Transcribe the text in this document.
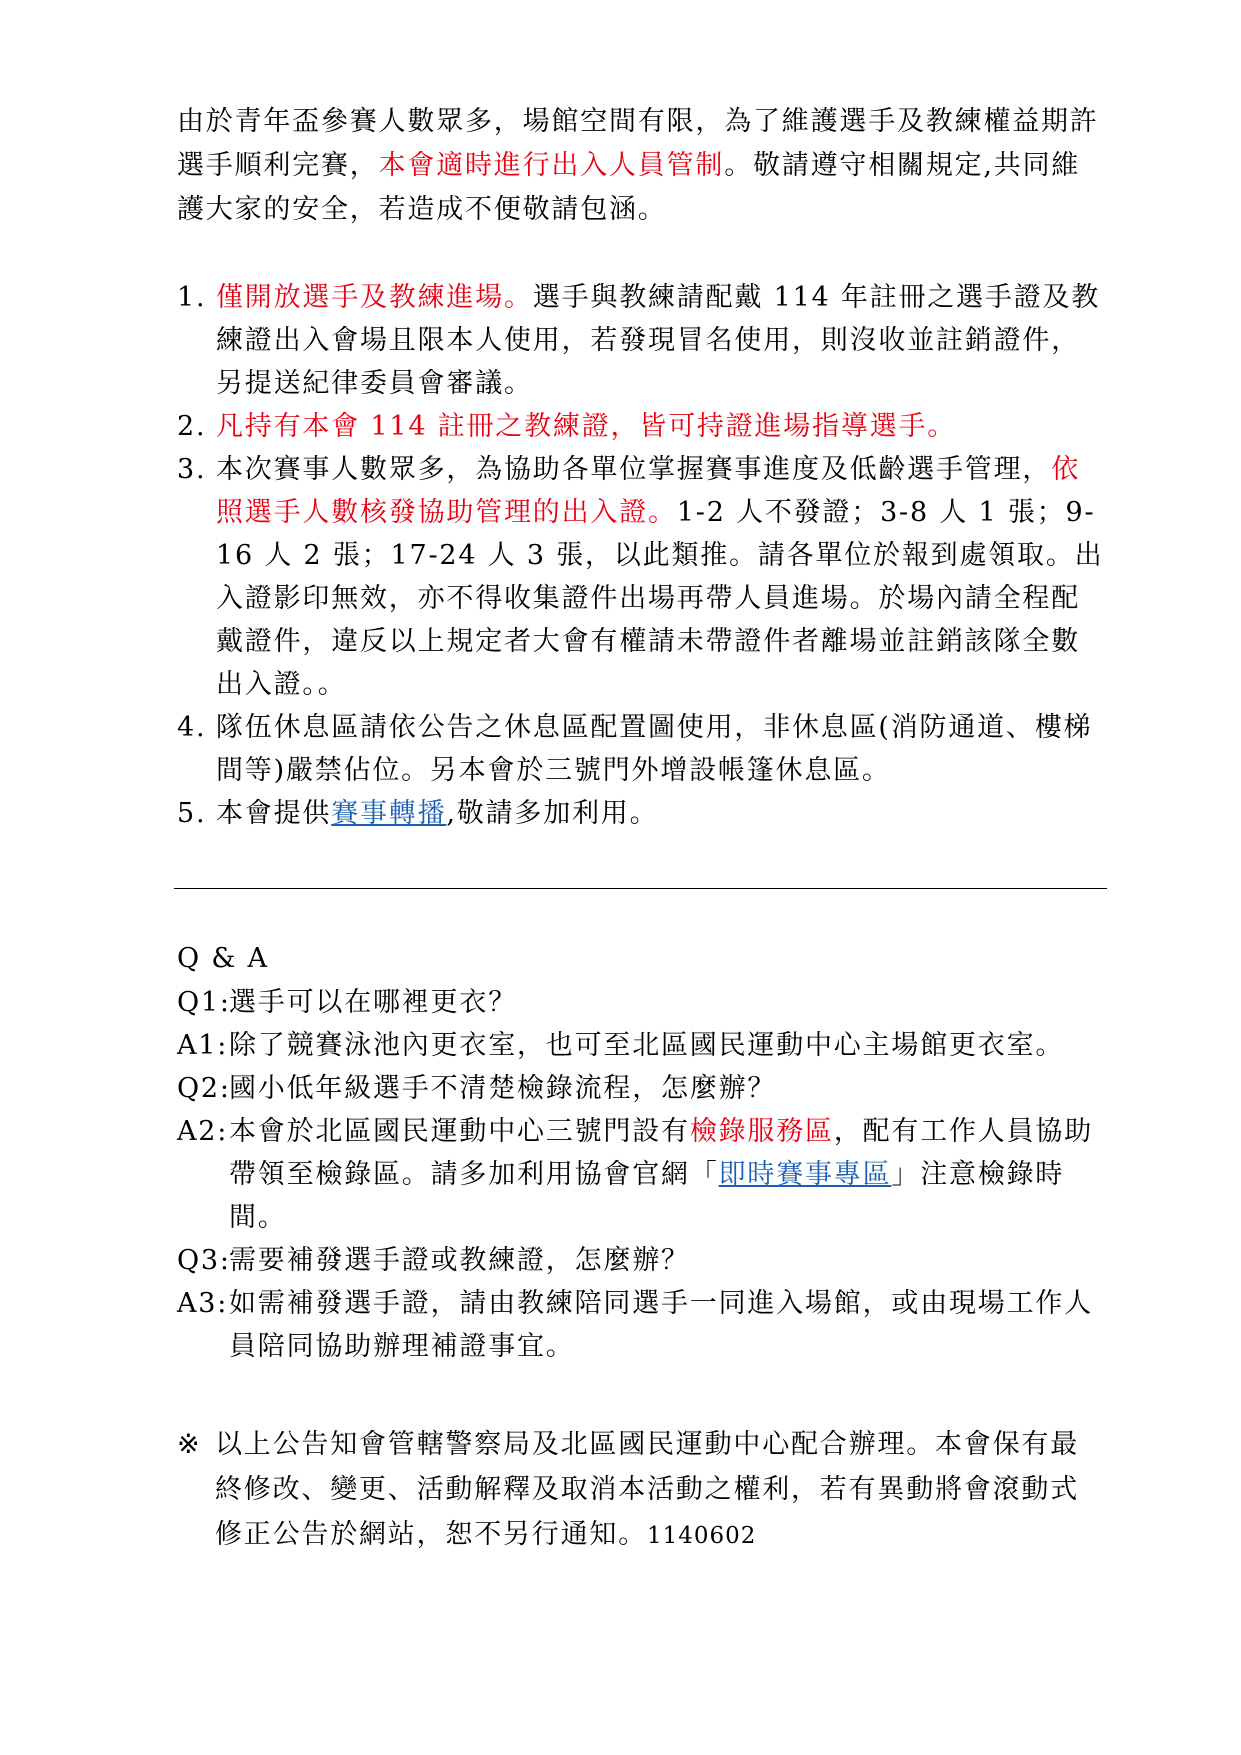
由於青年盃參賽人數眾多，場館空間有限，為了維護選手及教練權益期許選手順利完賽，本會適時進行出入人員管制。敬請遵守相關規定,共同維護大家的安全，若造成不便敬請包涵。

1. 僅開放選手及教練進場。選手與教練請配戴 114 年註冊之選手證及教練證出入會場且限本人使用，若發現冒名使用，則沒收並註銷證件，另提送紀律委員會審議。
2. 凡持有本會 114 註冊之教練證，皆可持證進場指導選手。
3. 本次賽事人數眾多，為協助各單位掌握賽事進度及低齡選手管理，依照選手人數核發協助管理的出入證。1-2 人不發證；3-8 人 1 張；9-16 人 2 張；17-24 人 3 張，以此類推。請各單位於報到處領取。出入證影印無效，亦不得收集證件出場再帶人員進場。於場內請全程配戴證件，違反以上規定者大會有權請未帶證件者離場並註銷該隊全數出入證。。
4. 隊伍休息區請依公告之休息區配置圖使用，非休息區(消防通道、樓梯間等)嚴禁佔位。另本會於三號門外增設帳篷休息區。
5. 本會提供賽事轉播,敬請多加利用。

Q & A

Q1:
選手可以在哪裡更衣？
A1: 除了競賽泳池內更衣室，也可至北區國民運動中心主場館更衣室。
Q2:
國小低年級選手不清楚檢錄流程，怎麼辦？
A2: 本會於北區國民運動中心三號門設有檢錄服務區，配有工作人員協助帶領至檢錄區。請多加利用協會官網「即時賽事專區」注意檢錄時間。
Q3:
需要補發選手證或教練證，怎麼辦？
A3: 如需補發選手證，請由教練陪同選手一同進入場館，或由現場工作人員陪同協助辦理補證事宜。
※ 以上公告知會管轄警察局及北區國民運動中心配合辦理。本會保有最終修改、變更、活動解釋及取消本活動之權利，若有異動將會滾動式修正公告於網站，恕不另行通知。1140602
